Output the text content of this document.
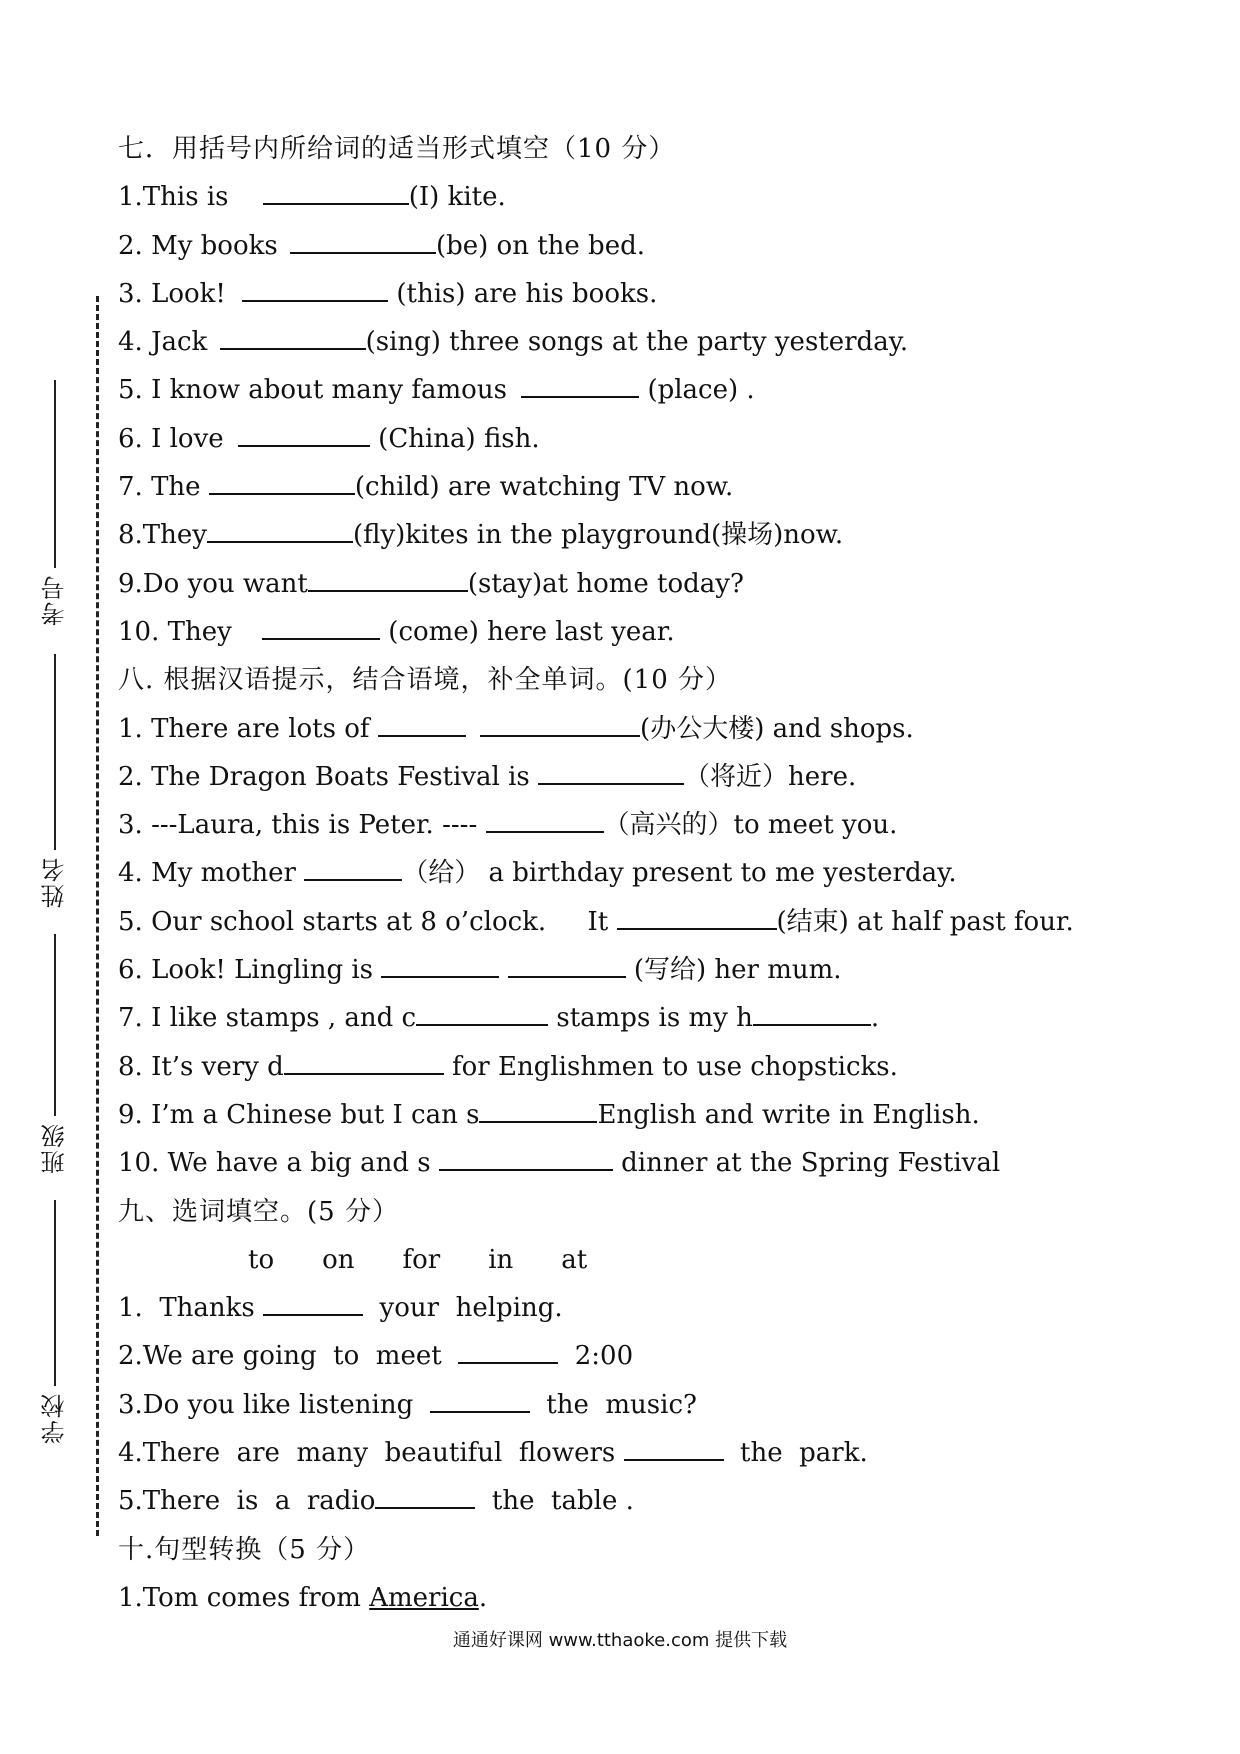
考号
姓名
班级
学校
七．用括号内所给词的适当形式填空（10 分）
1.This is	(I) kite.
2. My books	(be) on the bed.
3. Look!	(this) are his books.
4. Jack	(sing) three songs at the party yesterday.
5. I know about many famous	(place) .
6. I love	(China) fish.
7. The	(child) are watching TV now.
8.They	(fly)kites in the playground(操场)now.
9.Do you want	(stay)at home today?
10. They	(come) here last year.
八. 根据汉语提示，结合语境，补全单词。(10 分）
1. There are lots of	(办公大楼) and shops.
2. The Dragon Boats Festival is	（将近）here.
3. ---Laura, this is Peter. ----	（高兴的）to meet you.
4. My mother	（给） a birthday present to me yesterday.
5. Our school starts at 8 o’clock.     It	(结束) at half past four.
6. Look! Lingling is	(写给) her mum.
7. I like stamps , and c	stamps is my h	.
8. It’s very d	for Englishmen to use chopsticks.
9. I’m a Chinese but I can s	English and write in English.
10. We have a big and s	dinner at the Spring Festival
九、选词填空。(5 分）
to on for in at
1.  Thanks	your  helping.
2.We are going  to  meet	2:00
3.Do you like listening	the  music?
4.There  are  many  beautiful  flowers	the  park.
5.There  is  a  radio	the  table .
十.句型转换（5 分）
1.Tom comes from America.
通通好课网 www.tthaoke.com 提供下载
